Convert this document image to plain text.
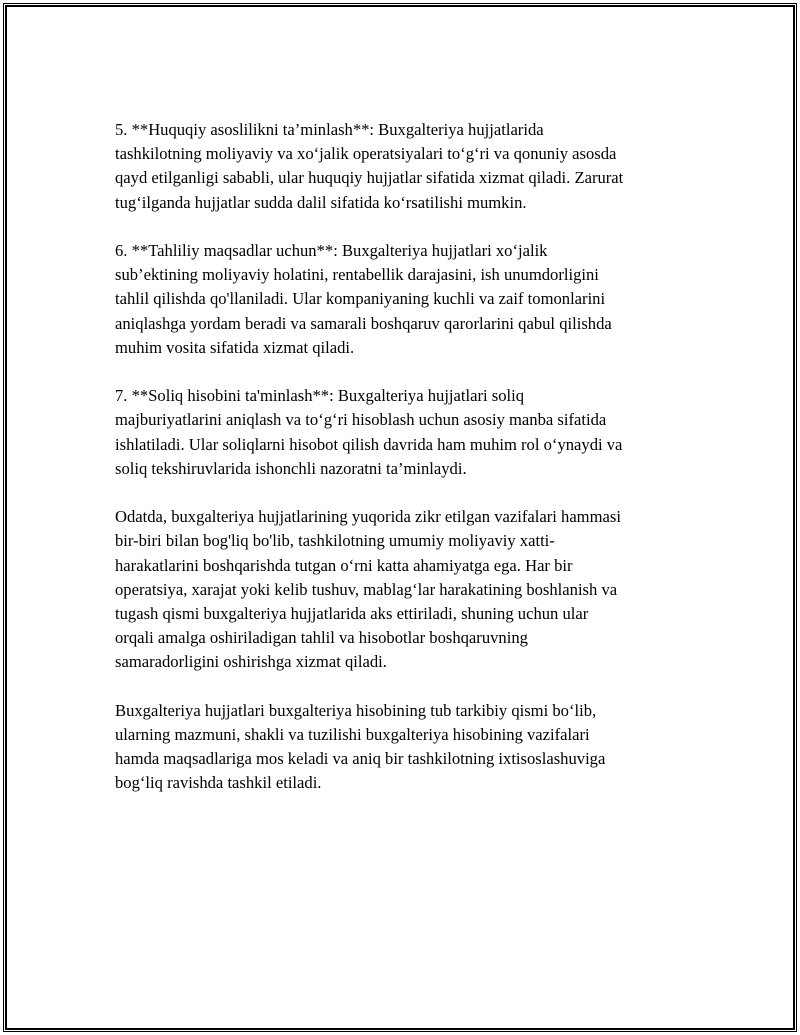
5. **Huquqiy asoslilikni ta’minlash**: Buxgalteriya hujjatlarida
tashkilotning moliyaviy va xo‘jalik operatsiyalari to‘g‘ri va qonuniy asosda
qayd etilganligi sababli, ular huquqiy hujjatlar sifatida xizmat qiladi. Zarurat
tug‘ilganda hujjatlar sudda dalil sifatida ko‘rsatilishi mumkin.

6. **Tahliliy maqsadlar uchun**: Buxgalteriya hujjatlari xo‘jalik
sub’ektining moliyaviy holatini, rentabellik darajasini, ish unumdorligini
tahlil qilishda qo'llaniladi. Ular kompaniyaning kuchli va zaif tomonlarini
aniqlashga yordam beradi va samarali boshqaruv qarorlarini qabul qilishda
muhim vosita sifatida xizmat qiladi.

7. **Soliq hisobini ta'minlash**: Buxgalteriya hujjatlari soliq
majburiyatlarini aniqlash va to‘g‘ri hisoblash uchun asosiy manba sifatida
ishlatiladi. Ular soliqlarni hisobot qilish davrida ham muhim rol o‘ynaydi va
soliq tekshiruvlarida ishonchli nazoratni ta’minlaydi.

Odatda, buxgalteriya hujjatlarining yuqorida zikr etilgan vazifalari hammasi
bir-biri bilan bog'liq bo'lib, tashkilotning umumiy moliyaviy xatti-
harakatlarini boshqarishda tutgan o‘rni katta ahamiyatga ega. Har bir
operatsiya, xarajat yoki kelib tushuv, mablag‘lar harakatining boshlanish va
tugash qismi buxgalteriya hujjatlarida aks ettiriladi, shuning uchun ular
orqali amalga oshiriladigan tahlil va hisobotlar boshqaruvning
samaradorligini oshirishga xizmat qiladi.

Buxgalteriya hujjatlari buxgalteriya hisobining tub tarkibiy qismi bo‘lib,
ularning mazmuni, shakli va tuzilishi buxgalteriya hisobining vazifalari
hamda maqsadlariga mos keladi va aniq bir tashkilotning ixtisoslashuviga
bog‘liq ravishda tashkil etiladi.
